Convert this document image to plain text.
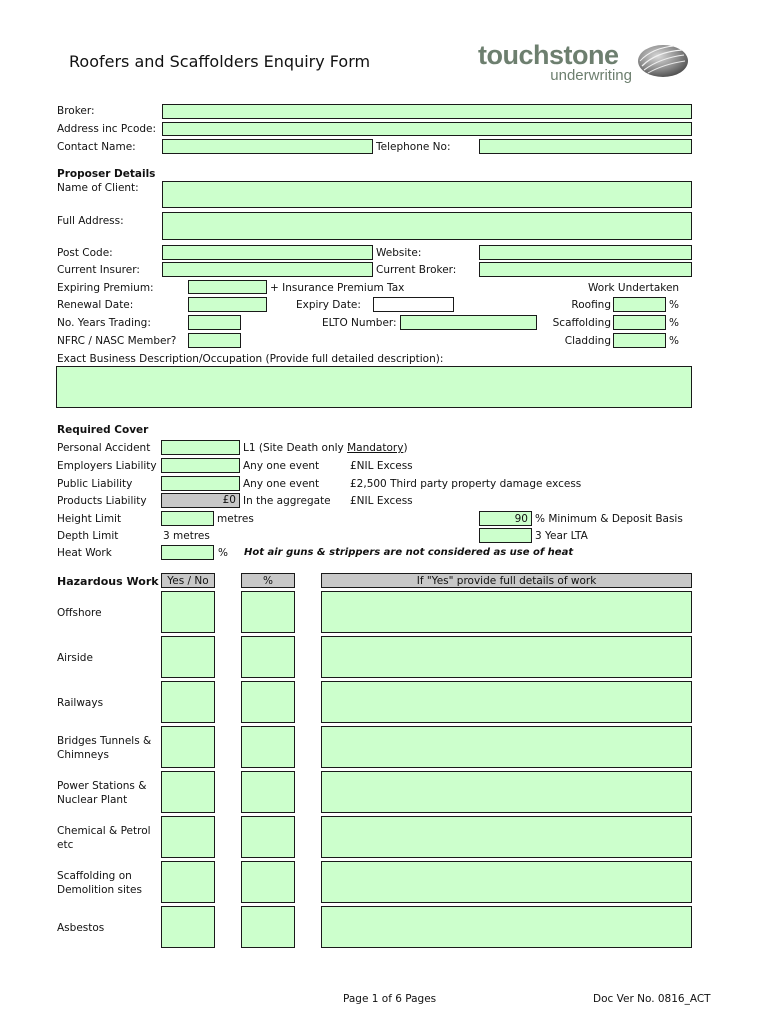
Roofers and Scaffolders Enquiry Form	touchstone
underwriting
Broker:
Address inc Pcode:
Contact Name:	Telephone No:
Proposer Details
Name of Client:
Full Address:
Post Code:	Website:
Current Insurer:	Current Broker:
Expiring Premium:	+ Insurance Premium Tax	Work Undertaken
Renewal Date:	Expiry Date:	Roofing	%
No. Years Trading:	ELTO Number:	Scaffolding	%
NFRC / NASC Member?	Cladding	%
Exact Business Description/Occupation (Provide full detailed description):
Required Cover
Personal Accident	L1 (Site Death only Mandatory)
Employers Liability	Any one event	£NIL Excess
Public Liability	Any one event	£2,500 Third party property damage excess
Products Liability	£0 In the aggregate £NIL Excess
Height Limit	metres	90 % Minimum & Deposit Basis
Depth Limit	3 metres	3 Year LTA
Heat Work	% Hot air guns & strippers are not considered as use of heat
Hazardous Work Yes / No	%	If "Yes" provide full details of work
Offshore
Airside
Railways
Bridges Tunnels &
Chimneys
Power Stations &
Nuclear Plant
Chemical & Petrol
etc
Scaffolding on
Demolition sites
Asbestos
Page 1 of 6 Pages	Doc Ver No. 0816_ACT
